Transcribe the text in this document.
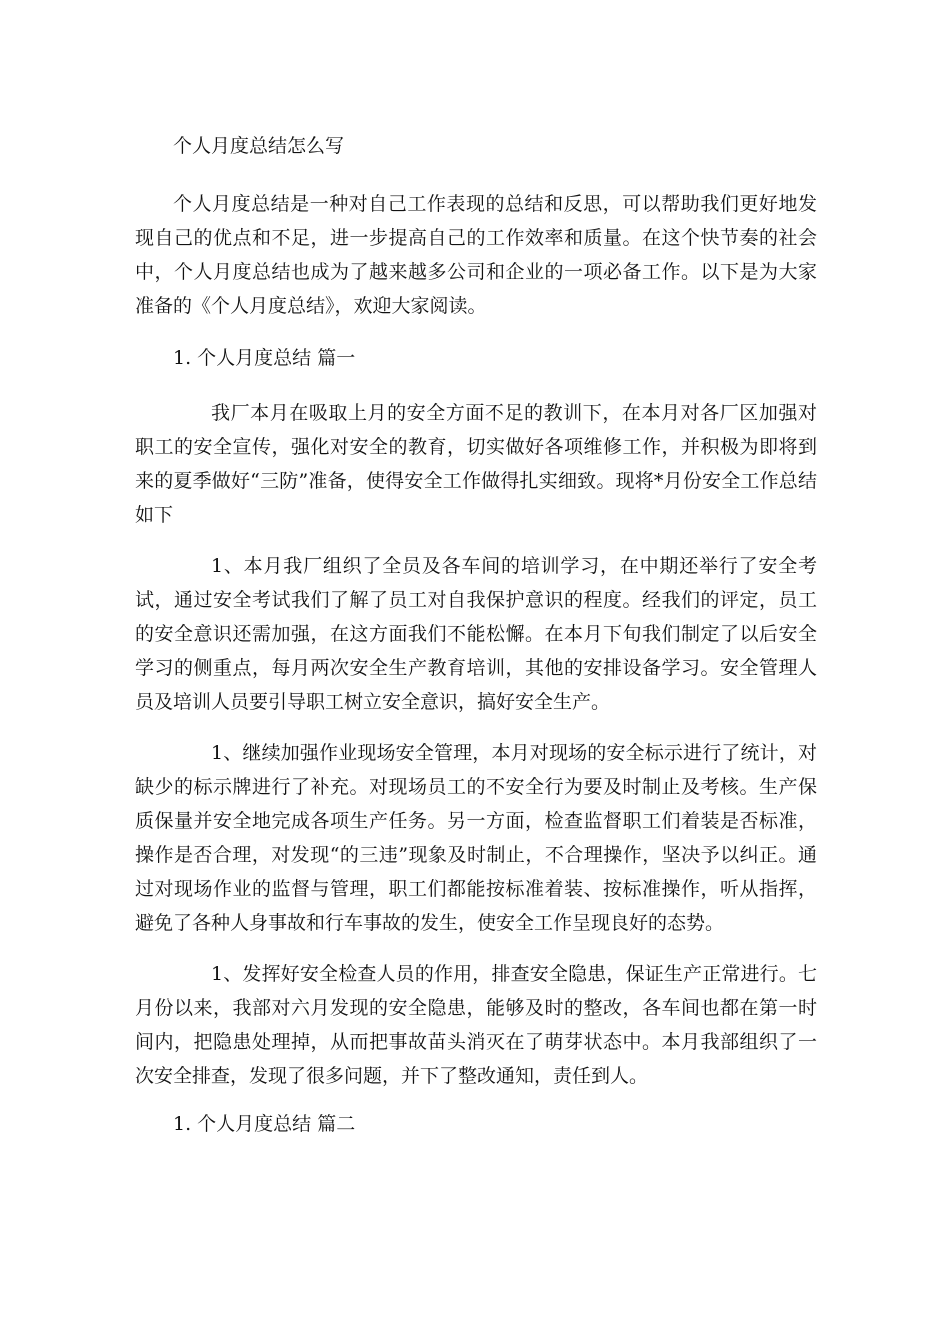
个人月度总结怎么写

个人月度总结是一种对自己工作表现的总结和反思，可以帮助我们更好地发现自己的优点和不足，进一步提高自己的工作效率和质量。在这个快节奏的社会中，个人月度总结也成为了越来越多公司和企业的一项必备工作。以下是为大家准备的《个人月度总结》，欢迎大家阅读。

1. 个人月度总结 篇一

我厂本月在吸取上月的安全方面不足的教训下，在本月对各厂区加强对职工的安全宣传，强化对安全的教育，切实做好各项维修工作，并积极为即将到来的夏季做好“三防”准备，使得安全工作做得扎实细致。现将*月份安全工作总结如下

1、本月我厂组织了全员及各车间的培训学习，在中期还举行了安全考试，通过安全考试我们了解了员工对自我保护意识的程度。经我们的评定，员工的安全意识还需加强，在这方面我们不能松懈。在本月下旬我们制定了以后安全学习的侧重点，每月两次安全生产教育培训，其他的安排设备学习。安全管理人员及培训人员要引导职工树立安全意识，搞好安全生产。

1、继续加强作业现场安全管理，本月对现场的安全标示进行了统计，对缺少的标示牌进行了补充。对现场员工的不安全行为要及时制止及考核。生产保质保量并安全地完成各项生产任务。另一方面，检查监督职工们着装是否标准，操作是否合理，对发现“的三违”现象及时制止，不合理操作，坚决予以纠正。通过对现场作业的监督与管理，职工们都能按标准着装、按标准操作，听从指挥，避免了各种人身事故和行车事故的发生，使安全工作呈现良好的态势。

1、发挥好安全检查人员的作用，排查安全隐患，保证生产正常进行。七月份以来，我部对六月发现的安全隐患，能够及时的整改，各车间也都在第一时间内，把隐患处理掉，从而把事故苗头消灭在了萌芽状态中。本月我部组织了一次安全排查，发现了很多问题，并下了整改通知，责任到人。

1. 个人月度总结 篇二
